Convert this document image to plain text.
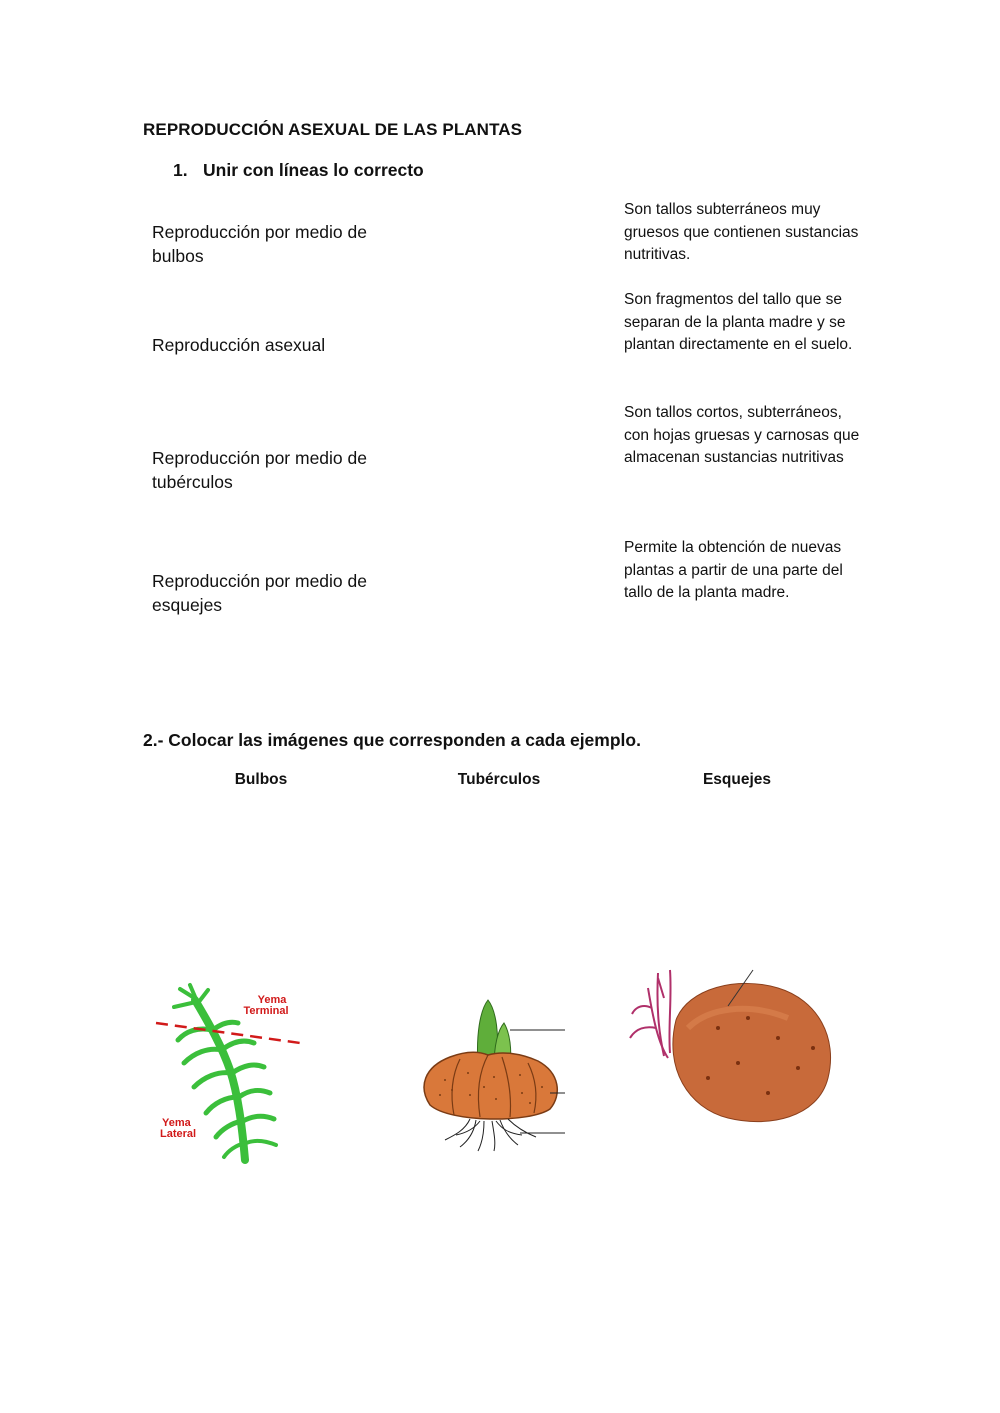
REPRODUCCIÓN ASEXUAL DE LAS PLANTAS
1. Unir con líneas lo correcto
Reproducción por medio de bulbos
Reproducción asexual
Reproducción por medio de tubérculos
Reproducción por medio de esquejes
Son tallos subterráneos muy gruesos que contienen sustancias nutritivas.
Son fragmentos del tallo que se separan de la planta madre y se plantan directamente en el suelo.
Son tallos cortos, subterráneos, con hojas gruesas y carnosas que almacenan sustancias nutritivas
Permite la obtención de nuevas plantas a partir de una parte del tallo de la planta madre.
2.- Colocar las imágenes que corresponden a cada ejemplo.
Bulbos	Tubérculos	Esquejes
Yema Terminal
Yema Lateral
